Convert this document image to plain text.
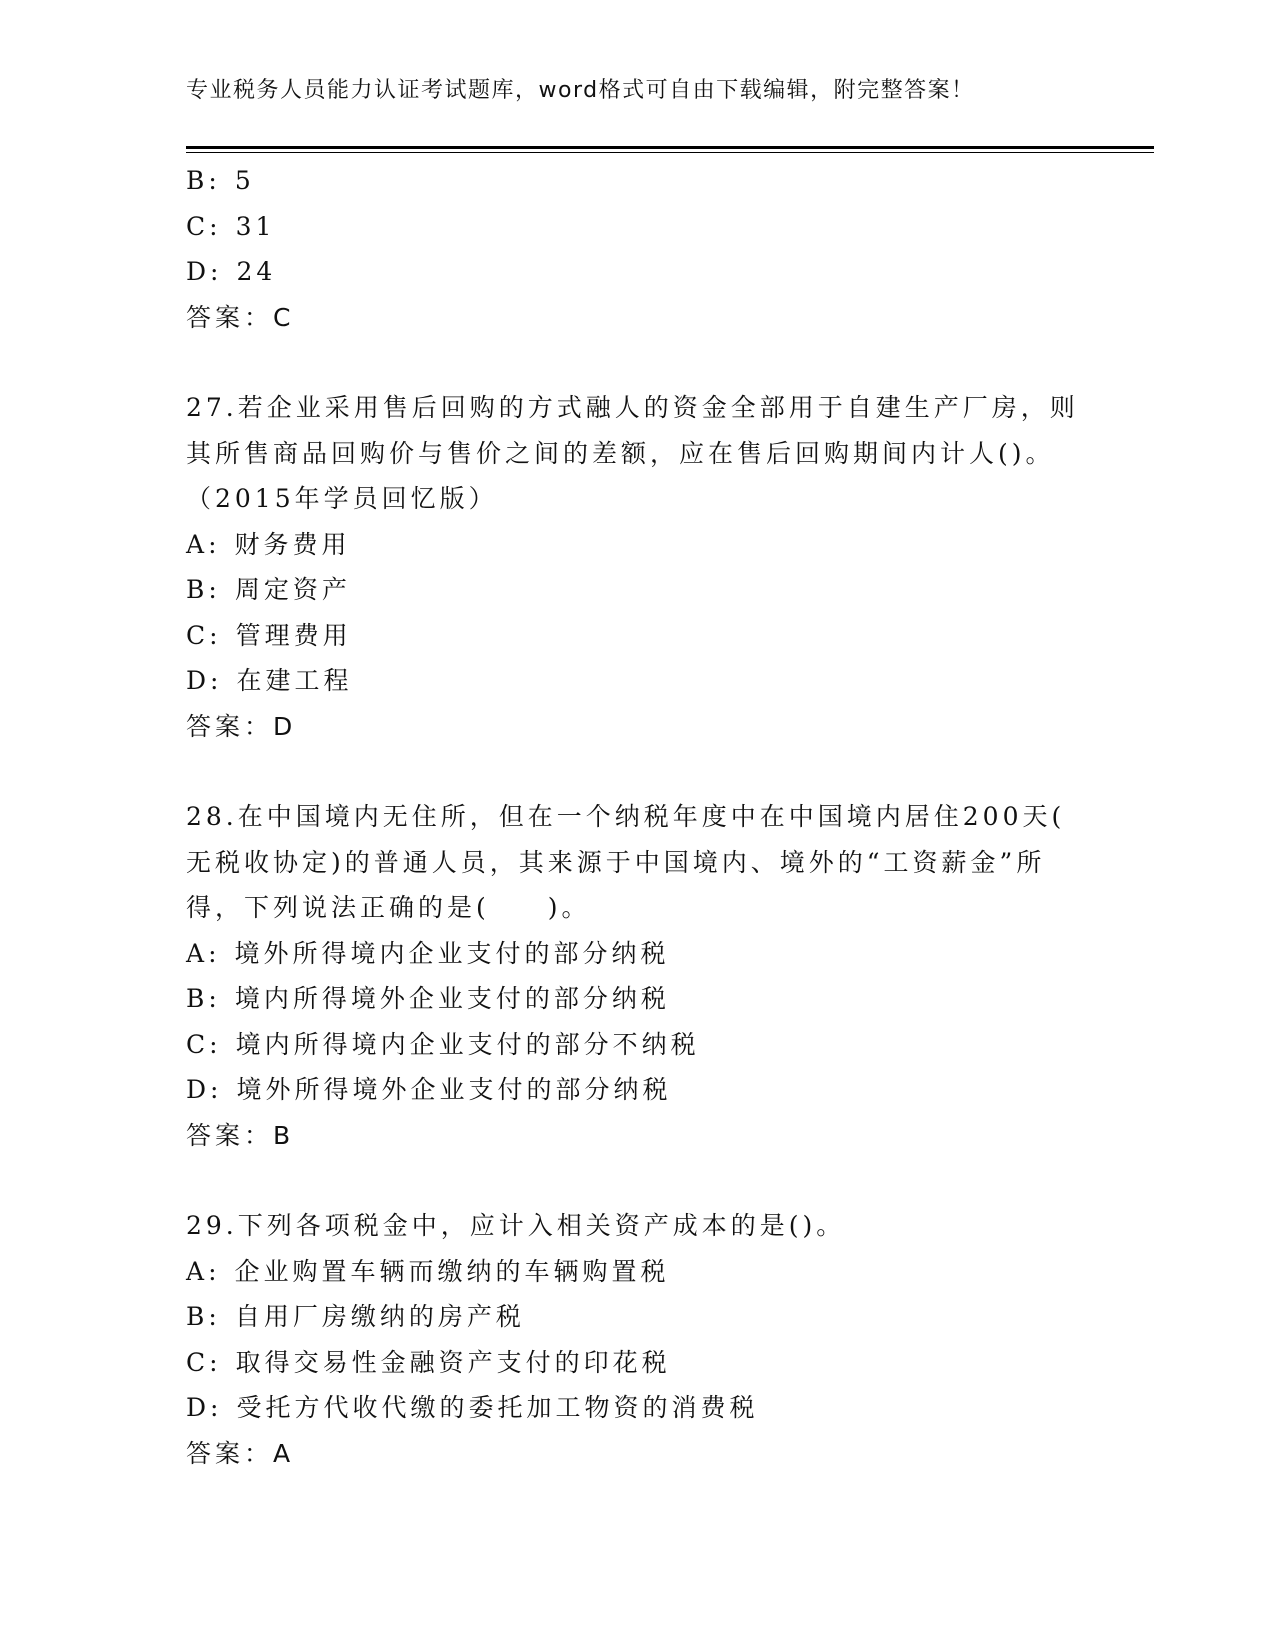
专业税务人员能力认证考试题库，word格式可自由下载编辑，附完整答案！
B: 5
C: 31
D: 24
答案：C
27.若企业采用售后回购的方式融人的资金全部用于自建生产厂房，则
其所售商品回购价与售价之间的差额，应在售后回购期间内计人()。
（2015年学员回忆版）
A: 财务费用
B: 周定资产
C: 管理费用
D: 在建工程
答案：D
28.在中国境内无住所，但在一个纳税年度中在中国境内居住200天(
无税收协定)的普通人员，其来源于中国境内、境外的“工资薪金”所
得，下列说法正确的是(　　)。
A: 境外所得境内企业支付的部分纳税
B: 境内所得境外企业支付的部分纳税
C: 境内所得境内企业支付的部分不纳税
D: 境外所得境外企业支付的部分纳税
答案：B
29.下列各项税金中，应计入相关资产成本的是()。
A: 企业购置车辆而缴纳的车辆购置税
B: 自用厂房缴纳的房产税
C: 取得交易性金融资产支付的印花税
D: 受托方代收代缴的委托加工物资的消费税
答案：A
